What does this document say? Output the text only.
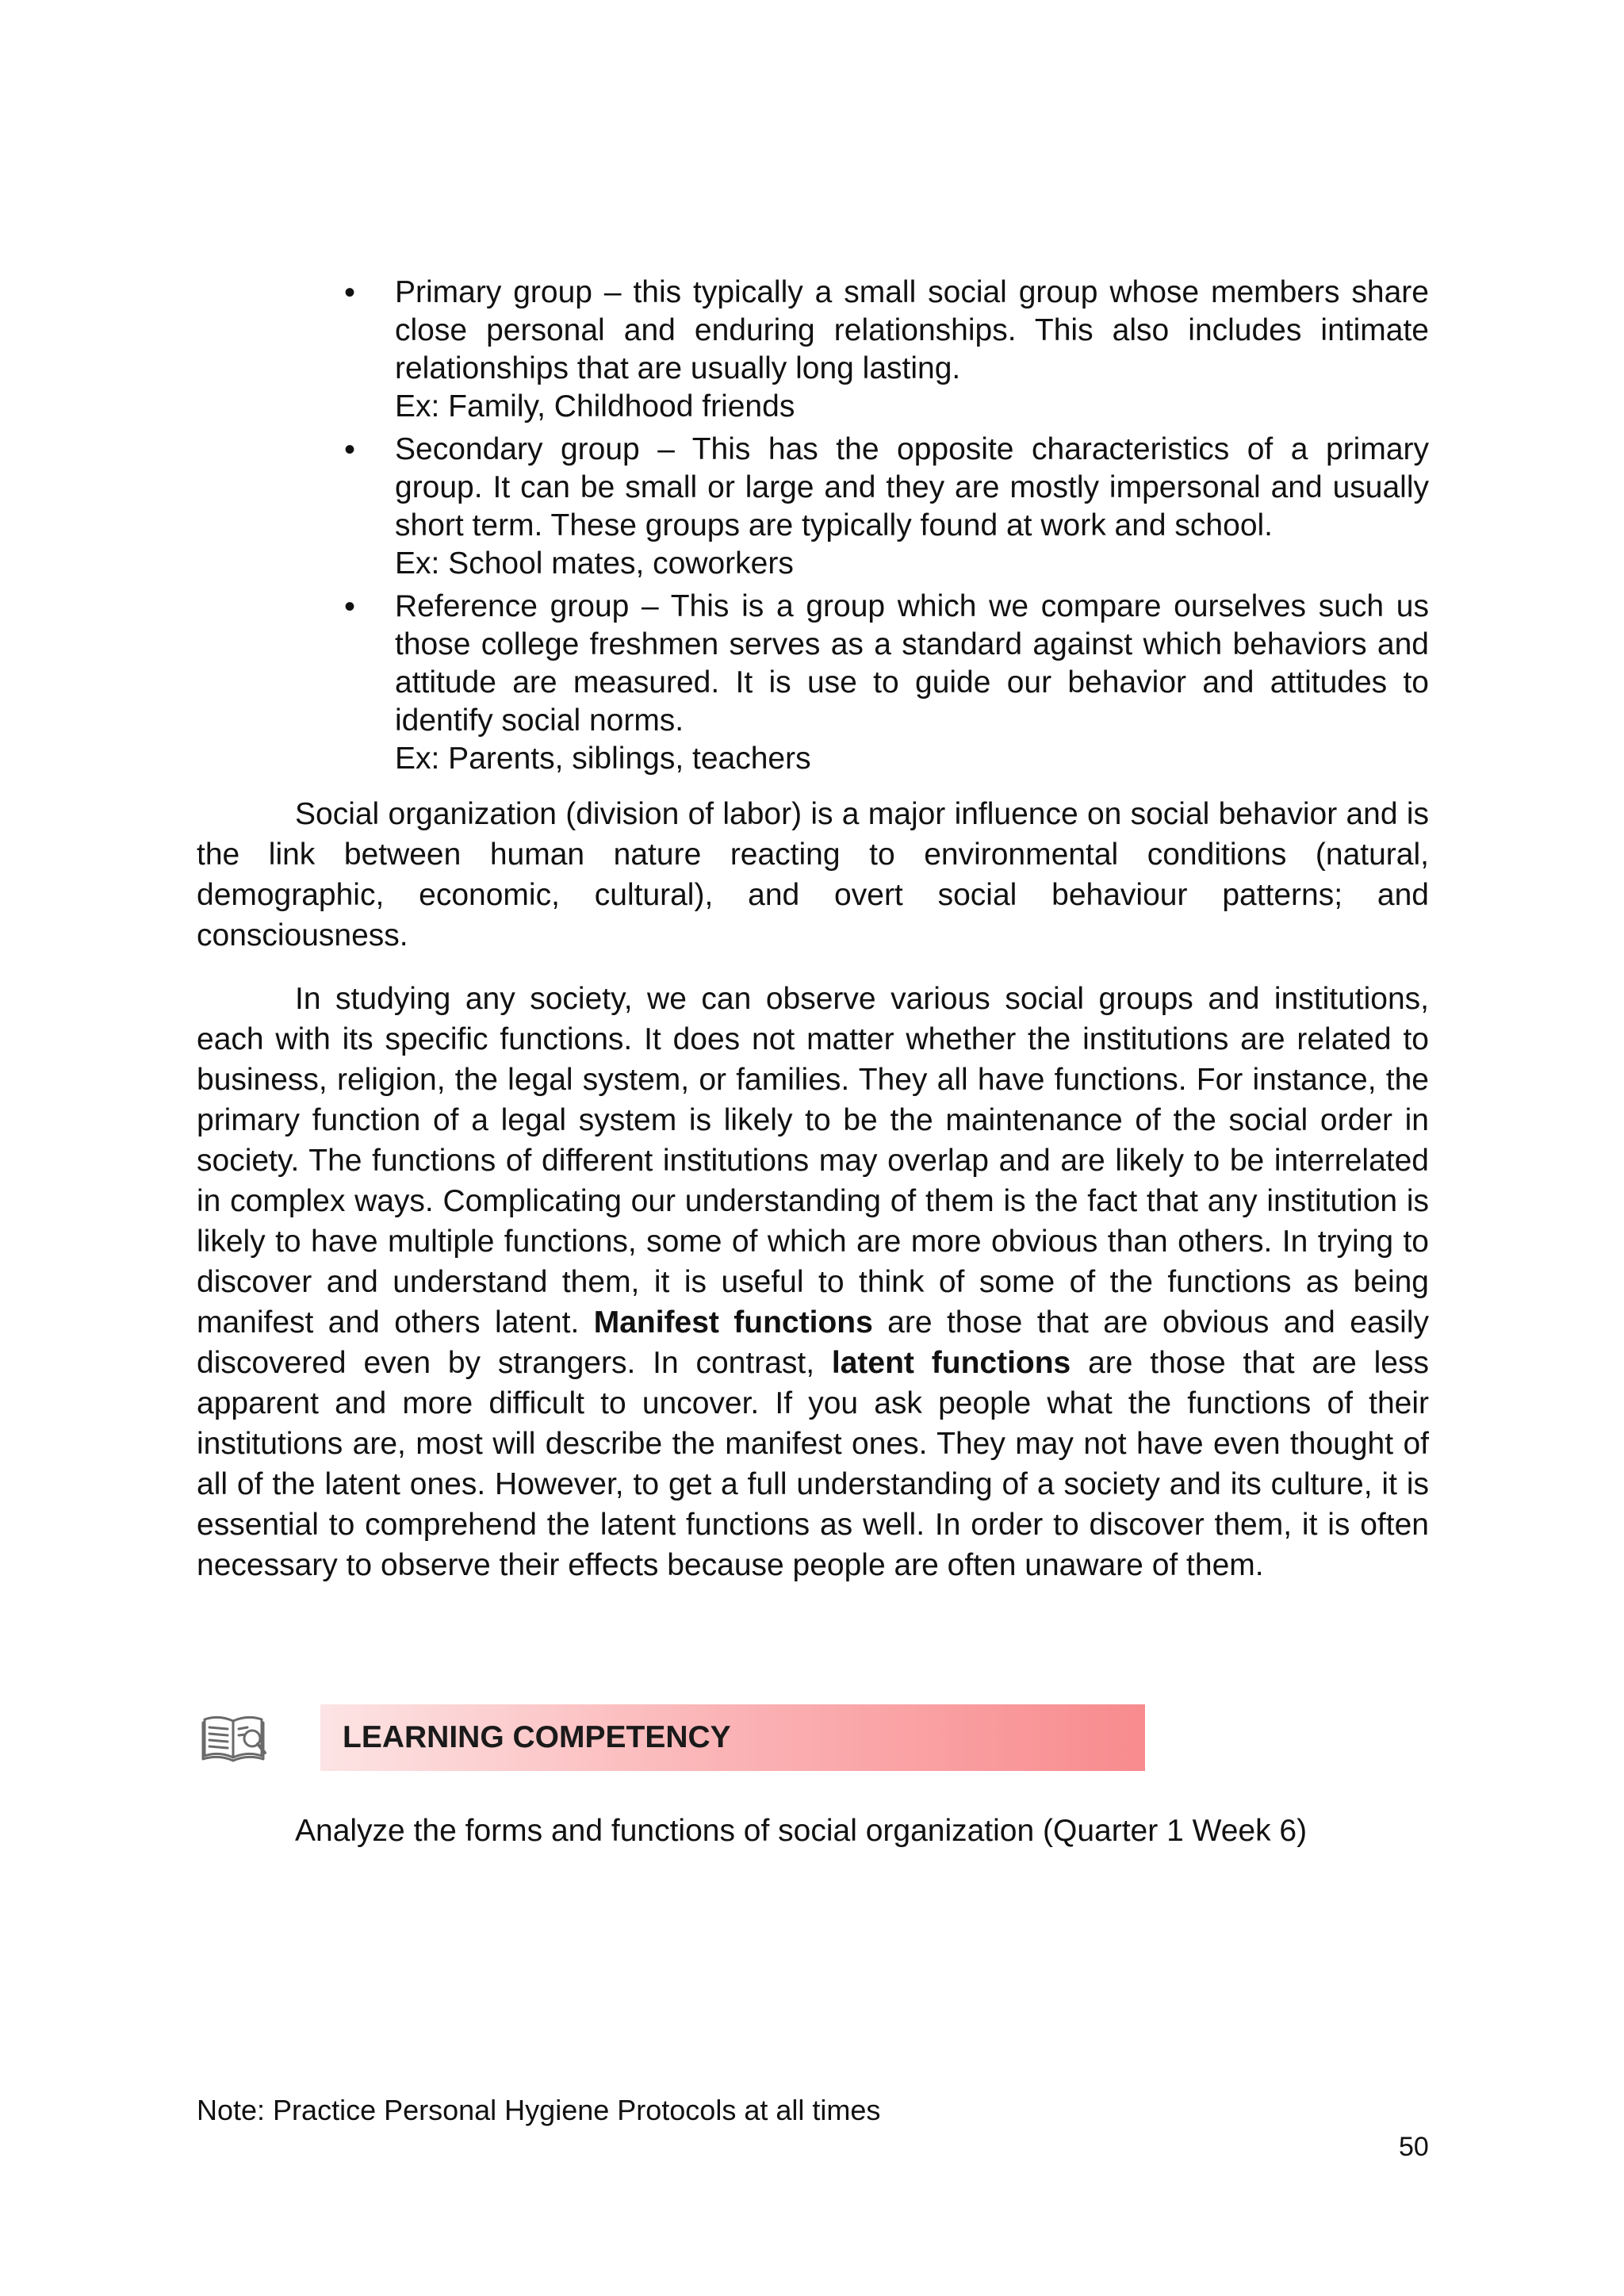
• Primary group – this typically a small social group whose members share close personal and enduring relationships. This also includes intimate relationships that are usually long lasting.
Ex: Family, Childhood friends
• Secondary group – This has the opposite characteristics of a primary group. It can be small or large and they are mostly impersonal and usually short term. These groups are typically found at work and school.
Ex: School mates, coworkers
• Reference group – This is a group which we compare ourselves such us those college freshmen serves as a standard against which behaviors and attitude are measured. It is use to guide our behavior and attitudes to identify social norms.
Ex: Parents, siblings, teachers

Social organization (division of labor) is a major influence on social behavior and is the link between human nature reacting to environmental conditions (natural, demographic, economic, cultural), and overt social behaviour patterns; and consciousness.

In studying any society, we can observe various social groups and institutions, each with its specific functions. It does not matter whether the institutions are related to business, religion, the legal system, or families. They all have functions. For instance, the primary function of a legal system is likely to be the maintenance of the social order in society. The functions of different institutions may overlap and are likely to be interrelated in complex ways. Complicating our understanding of them is the fact that any institution is likely to have multiple functions, some of which are more obvious than others. In trying to discover and understand them, it is useful to think of some of the functions as being manifest and others latent. Manifest functions are those that are obvious and easily discovered even by strangers. In contrast, latent functions are those that are less apparent and more difficult to uncover. If you ask people what the functions of their institutions are, most will describe the manifest ones. They may not have even thought of all of the latent ones. However, to get a full understanding of a society and its culture, it is essential to comprehend the latent functions as well. In order to discover them, it is often necessary to observe their effects because people are often unaware of them.

LEARNING COMPETENCY

Analyze the forms and functions of social organization (Quarter 1 Week 6)

Note: Practice Personal Hygiene Protocols at all times

50
